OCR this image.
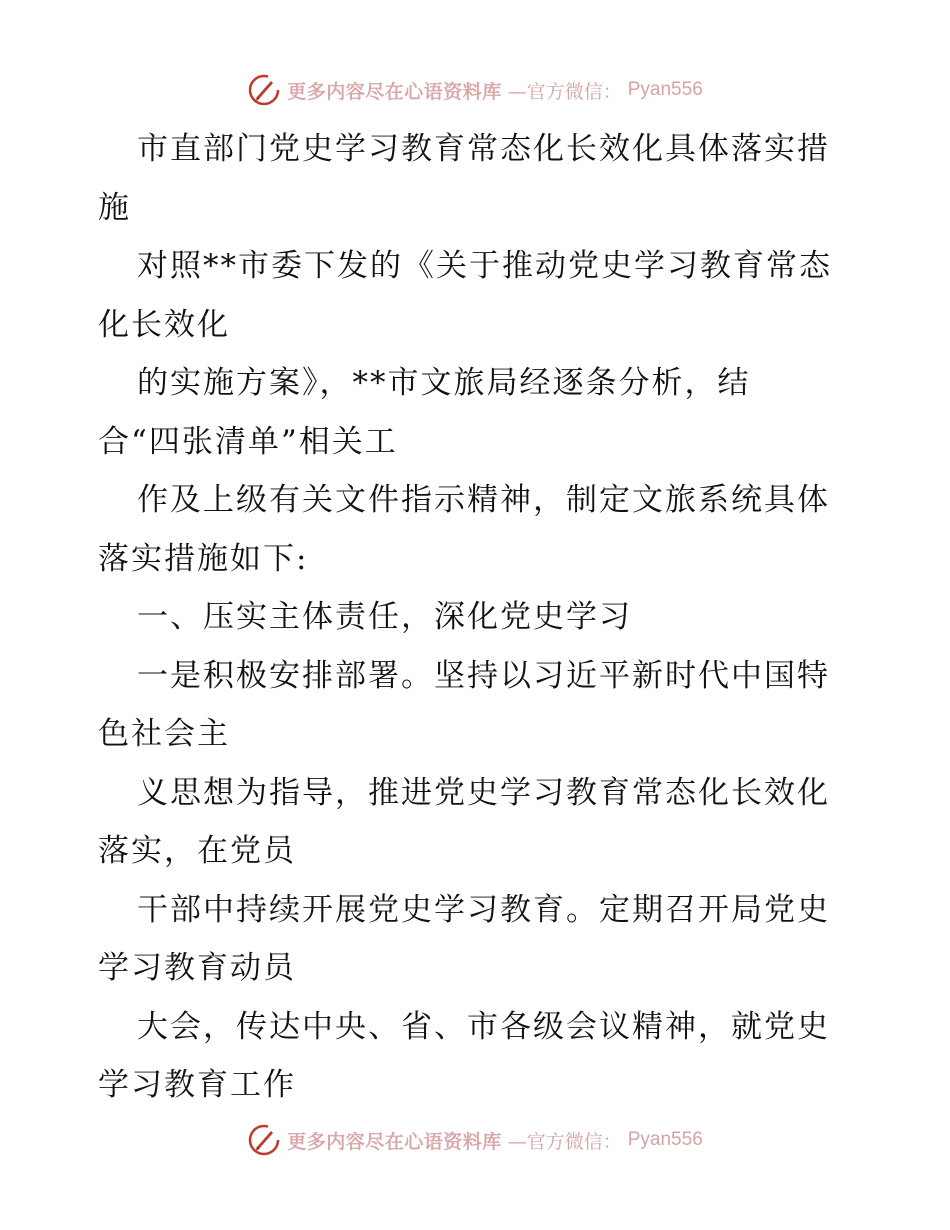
更多内容尽在心语资料库 —官方微信： Pyan556
市直部门党史学习教育常态化长效化具体落实措
施
对照**市委下发的《关于推动党史学习教育常态
化长效化
的实施方案》，**市文旅局经逐条分析，结
合“四张清单”相关工
作及上级有关文件指示精神，制定文旅系统具体
落实措施如下:
一、压实主体责任，深化党史学习
一是积极安排部署。坚持以习近平新时代中国特
色社会主
义思想为指导，推进党史学习教育常态化长效化
落实，在党员
干部中持续开展党史学习教育。定期召开局党史
学习教育动员
大会，传达中央、省、市各级会议精神，就党史
学习教育工作
更多内容尽在心语资料库 —官方微信： Pyan556
